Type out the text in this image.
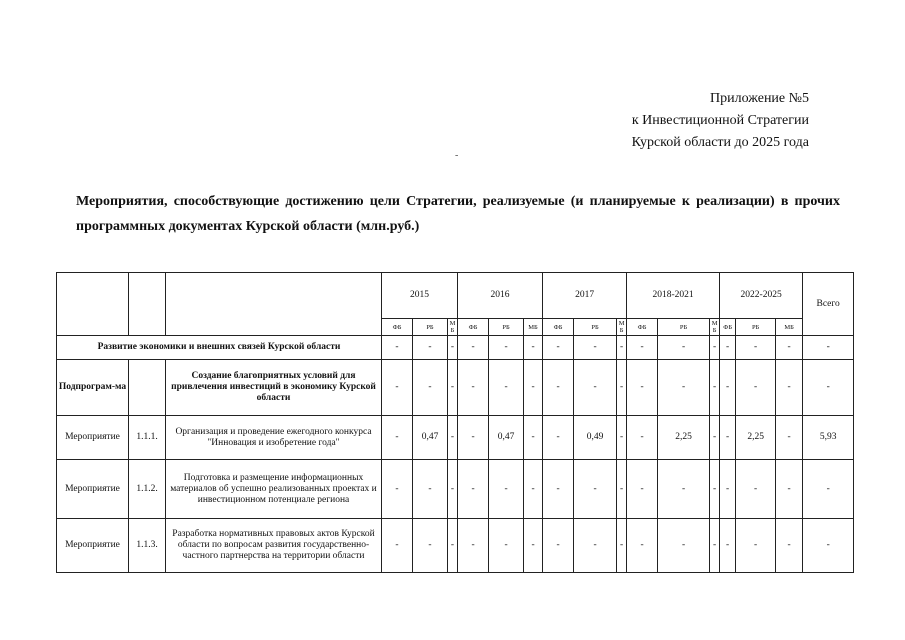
Приложение №5
к Инвестиционной Стратегии
Курской области до 2025 года
-
Мероприятия, способствующие достижению цели Стратегии, реализуемые (и планируемые к реализации) в прочих программных документах Курской области (млн.руб.)
			2015			2016			2017			2018-2021			2022-2025			Всего
			ФБ	РБ	М Б	ФБ	РБ	МБ	ФБ	РБ	М Б	ФБ	РБ	М Б	ФБ	РБ	МБ	
Развитие экономики и внешних связей Курской области			-	-	-	-	-	-	-	-	-	-	-	-	-	-	-	-
Подпрограм-ма		Создание благоприятных условий для привлечения инвестиций в экономику Курской области	-	-	-	-	-	-	-	-	-	-	-	-	-	-	-	-
Мероприятие	1.1.1.	Организация и проведение ежегодного конкурса "Инновация и изобретение года"	-	0,47	-	-	0,47	-	-	0,49	-	-	2,25	-	-	2,25	-	5,93
Мероприятие	1.1.2.	Подготовка и размещение информационных материалов об успешно реализованных проектах и инвестиционном потенциале региона	-	-	-	-	-	-	-	-	-	-	-	-	-	-	-	-
Мероприятие	1.1.3.	Разработка нормативных правовых актов Курской области по вопросам развития государственно-частного партнерства на территории области	-	-	-	-	-	-	-	-	-	-	-	-	-	-	-	-
